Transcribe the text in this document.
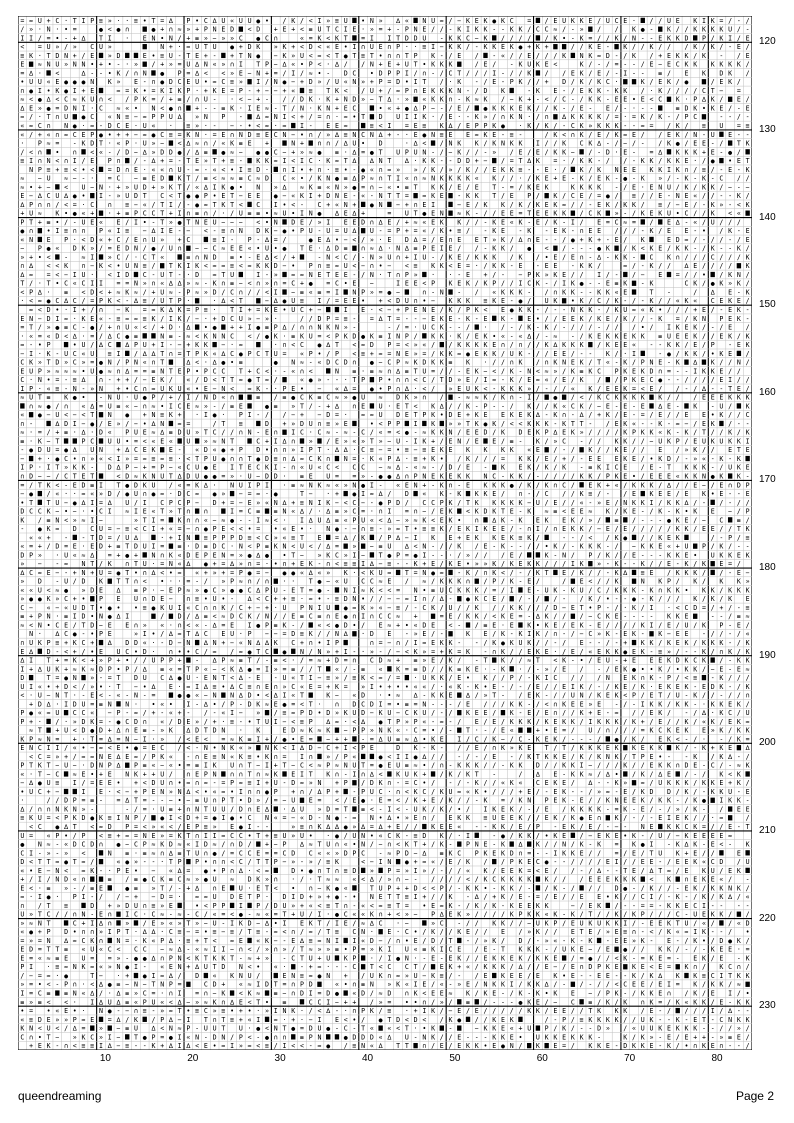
= ≈ U + C · T I P ≡ » · · ≡ • T = ∆ P • C ∆ U « U U ● • / K / < I » ≡ U • N » ∆ « N U ≈ / − K E K ● K C = / E U K K E / U C E · / / U E K I K = / - /
/ » · N · • =	● < ● ∩	● + ∩ ≈ » + P N E D < D + E + < ≡ U T C I E · » = + - P N E / / - K I K K - - K K / C C ≈ / - » / / K ● - K / / K K K K U / -
I I / = • - + ∆ T I · E N • N / + ≡ » − » » C ● C ∩	« = K < K T = I I T D D U - K K C − K / / / / / K • - K = / / K / N - - E K K D P / K I / E
< = U » / » C U »	N + · ≈ U T U ● + D K » K + < D < « E • I ∩ U E ∩ P · · ≡ I − K K / - K K E K ● + K +	/ / K E - K / / K / / / K / K / - E /
≡ K · T D N + / E » D	E • ≡ U - T E + - + T N ● − K » U < ≈ < T ● T ≡ T • ∩ ∩ T P K - / E / - « / / E / / / K N K ≈ D - / K / + E K K / K - / E
E ≈ N U » N N • + • - · » / + » = U ∆ N « » ∩ I T P − ∆ « • P < · ∆ / / N + E + U T • K K K	/ E / - K U K E <	K / - / = - - / E − E C K K K K K K /
= ∆ · <	∆ - - • K / ∩ N ● P = ∆ < < » E − N + = / I / ≈ • - D C • D P P I / ∩ - / C T / / / I - / / K / / E K / E / - I - - ≡ / E K D K /
• U U « E ● ● ● N K » E - ∩ ● D C E U • ≈ C ≡ » I / N ● − + D » / U « N » + P = D • I T / · K - / E - P K / / + D / K / K C ·	K / E K / ●	/ E K /
∩ ● I • K ● I + E	≈ = K • = K I K P · + K E = P - + − − + « ≡ T K < / U + / ≈ P ∩ E K K K N - / D K	- K E - / E K K - K K / · K / / / / C T − =
≈ < ● ∆ < C ≈ K U ∩ < / P K = / + ≡ / ∩ U - · < − + - / / D K · K + N D » − T ∆ · » « K K ∩ - K ≈ K / − K + - < / C - / K K - E E • E < C K · P ∆ K / E /
∆ E » ● = D N I · C ≈ « • N < ● ∩ + - - ≡ K · I E ≈ - T / N · K N + E C	• « + ● ∆ P − - / E / ● K K K E K / / K - / E - E / - · - -	≡ D K • K E / - E
≈ / · T ∩ U ● C « N ≡ − ≈ P P U ∆ » N P - ∆ ≈ N I < + / = ∩ · ≈ • T D U I I K · / E · - K » / ∩ K N · / ∩ ∆ K K K K / = · = K / K - / P C	- - / -
« ≈ C ∩ N ● · ≈ - D C E · U « · ≡ » · - − - • < ≈ · ≈ I - E E ≈	≡ < I = E ≡ K ∆ / E P P K ● · K / K / - C K » K K K - - ≈ = / K / ≡ U = ≡
« / + « ∩ ≈ C E P ● • + + − ≈ ● C ≡ = K N · = E ∩ N D ≡ E C N − • ∩ / » ∆ ≡ N C N ∆ + - · E ● N ≡ E E ≈ K E - ≡ -	/ K < ∩ K / E / K ≈ E / / E K / N - U E - -
· P ≈ = - K D T · « P · U » − < ∆ ≈ ∩ / « K ≡ E +	N + ∩ ∩ / ∆ U • D	· ∆ < / N K K / K N K K I / / K C K ∆ - / − / - / K ● / E E - / T K
/ < ∩ • ∩ < « - / D − ∆ » D D ● / ∆ ≡ ● ≈ − ● ● C − + » ≈ ● ≡ · ∆ = ● T U P U N - / − K / / - » / E / E / K K − / - D · E - = ∆ K K K + E - ● /
≡ I ∩ N < ∩ I / E P ∩ / - ∆ + = - T E » T + ≡ - K K ≈ I < I C · K ≈ T ∆ ∆ N T ∆ · K K - - D D + − / = T ∆ K = · / K K - / / - K K / K K E · / ● • E T
N P ≡ + ≡ < • < = D ∩ E · « « ∩ U - ≈ - « < • I ≡ D · ∩ I • + ∩ · ≡ • - ● « ∩ ≈ » » / K / » / K / / E K K ≡ - - E · / K / K N E E K K I K ∩ / ≡ / - E - K
≈ − U ≈ − - · = C − ≡ E D K T / ≡ < ≈ ≈ ≡ C ≈ D C « • / K N ● ≡ ∆ P ≈ ∩ T I « ∩ ≈ N K K K K « K / / · / K E + E - K / E K - ● - K » / - K - K - C / /
≈ • + − < U − N · + » U D + » K T / « ∆ I K ● • N » ∆ ≈ K ≡ « N » ● = ∩ − « • ≡ T K K / E / E T - = / K E K	K K K K - / E · E N U / K / K K / − - −
E − ∆ C U ∆ ● • I - » U D T C < T ● ● P • E T − E E ● − « K I + D N E - « - N T T = ≈ K E - K K T / E P / K / C E / = ● / ≡ / / E - N E « / / - - K /
∆ P ∩ ∩ / < = · C ∩ ≡ − « / T I / - ● ≈ T K T < C I • < - C + « N + ● N − + ∩ E I	− E / K K / K / K E K ≈ / / - E K / K K / ≡ / − E / - K » - < K
+ U ≈ K • ● « + · + ≡ P C C T + I ∩ ≡ ∩ / · / U ≡ ≡ • ≈ U • I N ● ∆ E ∆ +	= U T ● E N ≈ K - / / E E = T E E K K / C K » - / K E K U • C / / K < «
P T + ≡ • / - U E « E / I • - T » ● T N E U − − − < • N D E / » I E E D ∩ ∆ E / + ≈ « E K K / / - K E « K - E / K - I / E = C ≈ = / E ∆ - « / U / / /
● ∩ • I ≡ ∩ ∩ P « I ≡ − ∆ I E - − < - ≡ ∩ N D K − ● • P U - U = U ∆ U - = P + = « / K • ≡ / - K E - K - E K - ∩ E E / / / - K / E E - • / K - E
« N E P · < D « + C / E ∩ U » + C	≡ I - P - ∆ = /	● E ∆ • − < / » · E D ∆ = / E ∩ E E T » K / ∆ ∩ E - - / ● + K + - E / K	E D ≈ / - / / - / E
− P ● « D K » / = E D N / ● / U ∩ − − C ≈ E E « • U • ● T E · ∆ D ≡ ∩ ≈ ∆ · N ∆ ≡ P E I E / / - K K / ● < / - - - ● K / K < K E / K K - / K - - K /
» + • < - ≈ I » C / · C T «	≡ ∩ N D ≡ • - E ∆ < / +	- N < C / - N » U ∩ + I U - / K E / K K K / K / • E / E ∩ - ∆ - K K - C K ∩ / / / C / / / K
∩ ∆ < < K ∩ − K < • U N ≡ / T K I K < ≈ ≈ ≡ < ≈ K K D − • P ∩ ≡ ≈ U < − ∩ • − < ≡ K K < E = · / K K - E - E E - K K /	≈ / - K / / ∆ E / / / / K
∆ ≈ = < − I U · < I D C - U T - · D ≈ T U	I - » ≈ ≈ N E T E E - / N · T ∩ P » · · - E + / - − P K » K E / / I / - / − E = / / • / K N /
T / · T • C « C I I = = N » ∩ « ∆ ∆ » ≈ - K ∩ ≡ − < ∩ » ∩ = C + ● = C • E −	I E E < P K E K / K P / / I C K - / I K ● - - E ≡ K - K	C K / ● K » K /
< P ∆ · ≡ < D < + ≈ K ≈ / + U ≈ - P ≈ » D / C ∩ / / < I − ≡ « ≡ = I N P » = ● −	∩ - N - / « K K K - / ∩ K K - - K K « E	T -	/ ∆ E - K
· < ≈ ● C ∆ C / = P K < - ∆ ≡ / U T P ·	· ∆ < T	− ∆ ● U ≡ I / = E E • + < D U ∩ • − K K K ≡ K E - ● / U K • K / C / K - / - K / / « K « C E K E /
≈ < D • · I + / ∩ − K = ≈ K ∆ K = P ≡ · T I + = K E • U C + −	I E · < − + P E N E / K / P K < E ● K K - / - - N K K - / K U ≈ « K • / / / + E / - E K -
E N − D I ≈ · K E « - ≡ ≈ ≈ ≡ K / I K / − · + D C U » − » ·	/ / D P = ≡ - = ∆ T = - - − E K E - K - E K - E • / / E E K / K E / K / / - K = / K N P E K -
= T / » ● ≡ C - ● / + ∩ U « < / + D · ∆ • ● + + I ● ≡ P ∆ / ∩ ∩ N K N » -	- / = · U C K - - / · / - / K - K / - / / / - / / / • / I K E K / - / E /
· « = « D < ∆ · = / ∆ C ● ≡	N ≡ - ≈ < K N N C < / ● K · ≡ K U = < P K D ● K ≡ I N P / K K · K / E K • « - « ∆ / - ≈ - / K E K K E K K ≡ U E E K / / E K / K
≈ - • P	• U / ∆ C ∆ P U + I - − + K K − · ≈	· ∩ < C ● ∆ T < ≈ D P = < » « / / K K K K E ∩ / ∩ / / K ∆ K K K / K E E « - - K K / E / P - E K
− I · K - U C « U ≡ I / ∆ ∆ T ∩ = T P K « ∆ C ● P C T U = « P • / P < ≡ + ≈ = N E » = / K K ≈ ● E K K / U K - / / E E / - - K / · I	- ● / K K / • K E /
C K » T D » C » = ● N / P N « ∩ T	∆ < · ∆ ● • ≡	● N ≈ - « D C D ∩ ● − C P ≈ K D K K ≡ K · / / ∩ K / ∩ K N E K / T « - K / P N E - K ∆ K / / N /
E U P » ≈ ≈ ≈ • U ● ≈ ∩ ∆ = = ≡ N T E P • P C C T + C < · - « ∩ <	N ≡ · ≡ ≈ ∩ ∆ ≡ T U = / / - E K − < / K - N < ≈ » / K ≡ K C P K E K D ∩ = - - I K K E / /
C · N • = - ≡ ∆ ∩ - + + / − E K / « / D < T T ≈ ● T ≈ /	« ● » - - · T P P • ∩ ∩ < C / T D » E / I ≈ - K / E ≈ « / E / K / / P K E C ● - - / / / / E I / /
I P · « ≡ - N - » N + • C ∩ ≈ U K U « • E − N < ≈ K - · P E • − « ∆ = ● • P ∩ ∆ · < / » E U K < - K K K » / - / / « K / E E K = < E / / - / ∆ - - T E /
≈ U T ≡ K ● • - N U · U ● P / + / I / N D « ∩	≡ / ≡ ● C K ≡ C ≈ » ● U ≈ D K » ∩ / - ≈ ≈ K / K ∩ - I / ● / < / K C K K K K K / / / E E E K K K
∩ ≈ ● / ∩ « ∆ = U ≡ « − ∩ ≈ • I C E ≈ » - / ≡ E	● ≡ » T / - + ∆ ∩ E U · E T < K ∆ / / K - P - - / K / / K « C K / − E - E - E ∆ E - K - U / K
« ● − U < − < T N ● + N ≡ K + · I ● · P I - / / − + − D = · ≈ ≈ U D E T P K • D E + K E E K E K ∆ - K ∩ - ∆ / + K / E - = / E / / E E • K / / C
∩ -	∆ D I − ● / E » / − • ∆ N ≈ =	/ T ≡	D + » D U ∩ ≡ » E	• < P P I K » » T K ● K / < < K K K - K T T - / E K « - - K - ≈ − / E K / - -
≈ · = / + ≡ · ∆ · D « P U E ≈ ∆ ≡ D U » T C / / ∩ N - E ∩ I C · C ≈ - ≈ - C / « = < ● - ≈ K K N / E E D / K D E K P ∆ E K » / / / / K P K K « K - K / T / / K / K
≡ · K − T	P C U U • = < « E « U » ≈ N T	C + I ∆ ∩ » / E » « » T » − U - I K + / E N / E E / ≡ - K / » C - / / K K / / − U K P / E U K U K K I
- ● D U = ● ∆ U N + ∆ C E K E - « D « ● + P D • ∩ ∩ » I P T · ∆ ∆ · C ≡ − = • ≡ − ≡ E K E K K K K « E / - / K / / K E / / E / » K / / E T E
− + · ● C • ∩ » « < I » = ≈ ≡ ≈ ≡ · < T P U ● ∩ ∩ T ● D ≡ ∩ ∆ ≈ C K ∩ N = · K « P ∆ · ≡ + K • / K / / / = K K / E / + / - E E E K E / • K D / - » « - K - K
I P · I T » K K - D ∆ P − + = P − « C U ● E I T E C K I - ∩ « U « C < C C − ≈ ∆ - « ≈ - / D / E - K E K / K / K - ≡ K I C E / E - T K K K - / U K E
∩ D − − / C T E T	< D ≈ K N U T ∆ D U ● ● = » · U − D D · ≡ E U = = » - ● ● ∆ ∩ P N E K E K K N C - K K / - / / / / K K / P K E • / E E E « K K N ● K K -
= / T K < - E D ≡ I T ● D K U / « = K ∆ · N U I P I · ≡ ≈ N K ≈ « » N ● I - « E N + - K ∩ - E K K K ● / K / K ∩ C / E K + « / K K K / ∆ / / E − / E ∩ D P
− ● / « · · ≈ « » D / ● U ∩ ● ≈ · D C ≈ ● » − = ≈ · ●	T − · + ● I ≈ ∆ / D « K - K K K E / ∩ - / C / / K ≡ / - / E K E E / E K • E - - E
• T T U − ● ∆ I = ∆ U / I C P C P − D + = − E » « N ∆ + ≡ N I K − < C − - ● P D / C C P K / T K K K K K − U / E / / « - » E / N K K I / K K ∆ / - / - / /
D C C K − • − · • C I ≈ I E « T » T ∩ ∩	I = C ≡ ≡ N « ∆ / · ∆ ≡ » C = · ∩ I = ∩ − / E K < K D K T E - K ≈ ≡ < E E ≈ K / K E - / K - K • K E − / P
K / ≡ N < » ≈ I −	» T I = K ∩ ∩ « − ≈ ● - - I ≈ < · I ∆ U ∆ ≡ « P U « < ∆ − » ≈ K < E K • ∩ ∆ K - K E K E K / » / ≡ / - - - ● K E / − C ≡ /
- ● K ≈ D C U = − ≡ < C I + « = − ∩ ● P E < < • = • « E • · N ● - − ∩ ≡ - » ≈ T • ≡ ≡ K / E K I K E E / - ∩ I / ∩ E K K / − E / E / / / / / K K / E E / / T K
« « + - - T D = / U ∆	· + I N ≡ P P P D ≡ < C » « ≡ T E = ∆ / K / P ∆ − I K E + E K K E K ≡ K /	- - / < / K ● / / K E K	/ - P / ≡
« = + / D = E · E D + ≡ T D U I = ≡ · D ≡ D C · N < P ≡ K N < U < / ∆ = » − ≡ U ∆ < N - / / K / E - K - - / / • K / - K K K - / − K K E « + U P / K / - -
D P » · U « ≈ ∆ = + ● + N ∩ K « D E P E N = » ● ∆ ● • T − » K C » I − T ● P = ● I - - · / » / / / E /	K - N / P / K / / E - - - K K E • U K K E K
» − - ≈ N T / K ∩ T U · = N « ∆ ● + = ∆ » ∩ = · • ∩ + E K - ∩ < ≡ ≡ I ∆ − ≡ - - K + E / K E • » » K / K E K K / / / I K » - K - - K / / E - K / K E = /
∆ C ≈ E − - + N + U = ● T • ∩ ∆ < • ≈ « + » + = P ● = − ● ● « ∆ « » K · < K U ≈ T = N ● ≈ - K / ∩ K < / - / K T E / K / / - K ∆ ≡ E / K K K / / - E −
» D - U / D K T T ∩ < • · · = - / » P ≈ ∩ / ∩ · · T ● − « U C C ≈ E / ≈ / K K K ∩ / P / K - E /	/ E < / / K	N K P / K / K K »
« « U < ≈ ● » D E ∆ ≡ P · − E P ≈ » ● C » ● ● C ∆ P U - E T = ● - N I ≈ K < < = N • ≡ U C K K K / = / I E - U K - K U / C / K K K - K ∩ K K • K K / K K K
» ● ● K » C + • P E U ∩ D E − ∩ ≡ • U • - ∆ < C + + ≡ · ≈ • - ≡ D N • / / − − ≈ I ∩ / ∆ - ● K C E / / - / / - / K / • - - ● - K / / / K / K / K E
C − « − « U D T • ● • • ≡ ● K U I « C ∩ ∩ K / C + − + · U P N I U ● ≈ K » « − ≡ / - C K / U / / K / / K K / / / D − E T • P - / · K / I · < C D = / + / - ≡
≡ + P N · ≡ I D • N ● ∆ I	/ D / ∆ ≡ < ≈ D C K / N / / E ≡ C ≡ ∩ E ● ∩ I ∩ C C ≈ +	= E / K K / < K E = - ∆ K / / / − C K E - - - - K K E	- - / ≡ ≈
≈ < N • C E / T D − E E ∩ » « · ∩ < « - ∆ = E I ● P ≡ K - / « < ● D • / E ≈ + • « D E < - / ≡ E · E K • K E / E K - E / / / / K I / E / U / K P - E /
N · ∆ C ● - • P E	» I • / ∆ ≈ T ∆ C E U · P − − = D ≡ K / / N ∆ · D E - » E / -	K E / K - K I K / ∩ - / − C » K - E K - K − E E - / / - / «
∩ U K P ≡ + K C + ∆ D D « · - D − N ∆ N + − « N ∆ ∆ K C + ∩ • I P	∩ = − ∩ / I ≈ E K K - - / K ● K U K / / - / E - - / - + K K / K E K / K K K - / K
E ∆ D - < + / • E U C • D · ∩ • • C / ≈ / ≈ ● T C ● N / N » + I - · » - / − < K » = + K = K - ∩ K / / E K E · / E / « E K K ● E K - ≡ » / - - K / ∩ K / K
∆ I T + = K < + » P + • / / U P P + - ∆ P ≈ ≡ T / - ≡ < · / = ≈ + D = ∩ C D ≈ + ≡ » E / K / - T K / / ≈ T < K - • / E U - + E E E K D K C K / - K K
I + ∆ U K + ≈ K ≈ D P • P / ∆ ≡ « = T P « − < K ∆ ● = I » = ≡ / / T « / - ≡ « K = ≡ D / / K ≡ K E · - K · / - » / E / - / E K ● • • K / • K K / − E - E ≈
D	T = ● N » - = T D U C ∆ ● U · E N T < ∆ - E - U « T I − ≡ » / ≡ K < ≈ / = · U K K / E • K / / P / - K I C / / / N E K ∩ K - P / < ≡ - K / / /
U I « • + D < / » • · T − • ∆ E · ≈ I ∆ ≡ • ∆ C ≡ ∩ E ∩ » C « E = + K = » I • + • • « « / · « K - K • E - / - / E / / E I K / - / K E / K · E K E K - E D K - / K
< · U − N T · - E < - « - N - =	● ● « − N N ∆ D • < ∆ I « T	K − « D · • ≈ ∆ - K K E ∆ / » T - / E K - / / U N / K E K < P / E T / U - K / / - / / ∩
+ D ∆ · I D U = ≡ N N · • « • I - ∆ • / P - D K ≈ E ● = < T · ∩ D C D I = • ≡ = N - - - / E / / / K K - / < ∩ K E E » E - / - I K K / K K - · K K E K /
P ● « ≈ U C C « − P - ≈ / + - « + - / - « I − » / ≡ ≈ P D • D » K U D − K U − C K U / - / K E E / K - E / E ∩ / / K + E - ≈ / / E K / - / ∆ · K C / U
P + · / · » D K = - ● C D ∩ « / D E » / + · ≡ - • T U I − < ≡ P ∆ ≈ · < ∆ ● T P » P « - ≈ - / E / E / K K K / K E K K / I K K K / K + / E / / K / « K / E K ≈
≈ T + U < D ● D + ∆ ∩ E ≡ - » K ∆ D T D N · K	E D ≈ K ≈ K − P P » N K « · C = • / - T · - / E «	+ • E = / U / ∩ / / / = K C K E K E » K / K K
K P ≈ N = + · T = ∆ = N − I · » / < E < = ≈ K ≡ I + / ● • E = − + + - = ∆ U ≡ ≈ ∆ • K E I / C / K − / C - K E K / - - - / ● / K / E K < - / · - / K =
E N C I I / « • − ≈ < E • ● = E C / < - N • N K « » N K < I ∆ D − C + I < P E	D K - K - / / E / ∩ K » K E T / T / K K K E K K E K K K / - K + K E ∆
< C = » + / ≈ ≈ N E ∆ E ≈ / P K « - ∩ E ≡ N « K ≡ • K ∩ = I ∩ » / P «	● < I I ● ∆ / / - / - / E - / K T K K E / K / K N K / T P E • - - K / K ∆ - /
P T K T − U − · D N P ∆ P ≡ « − « • = ≡ I K U ∩ T − I + T − C < ≈ P ≈ N U T = ● E U ≡ ≈ • / ∩ - K K K / / - K K D / / K K I − / / / K / / E K K ∩ D E - C / - ≈ K
« · T − C ≈ E • + E N K + + U / ∩ E P N ∩ ∩ T ∩ ≈ K E I T K ∩ - I ∩ ∆ < K U K + / K / K T -	/ ∆ E - K K ≈ / ∆ • / K / ∆ E / - / K < K
− ∆ ● U ≡ I / = E E • + < D U ∩ • ≈ ∩ ≈ - = P ≈ ≡ I + U - D ≈ » N + P / D K ∩ - = C • / - / - K / / « K « C E K E / ∆ - - K » ≈ / U K K K / K K E + K /
• U C + −	I E · < − + P E N » N ∆ < • « ≈ • I ∩ ∩ ● P + ∩ / ∆ P + - P U C · ∩ < K C / K U ≈ « K • / / / + E / - E K - - / » ≈ - E / K D D / K / - K K U - E
·	/ / D P = ≡ - = ∆ T = - - − • − ≡ U ∩ P T • D » / = − U E = < / E ● · E = < / K + E / K / / - K = / K N P E K - E / / K N E E K / K K - / K ● I K K -
∆ / ∩ ∩ N K N » -	- / = · U ≡ + ∩ N T U U / D ∩ E ∆ · ∆ U » D = T ≡ < - I < - U K / K / • / I K E K / - / E / K K K K - = K - E / - / » / K - / E E
≡ K U = < P K D ● K ≡ I N P / ● I < D + = ● I ● • C N « = − « D - N ● - ≈ N • ∆ • » E ∩ / E K K ≡ U E E K / / E K / K ● E ∩ K / - / - E I E K / / · ≈	/
< C ● ∆ T < ≈ D P = < » « < / E P ≡ » E ● I - -	» ≡ ∩ K ∆ ∆ ● » ∆ = ∆ + E / / K E E « - - K K / E / P - E K / E / - − - N E K K C K = / / E - T
U = « P • / P < ≡ + ≈ = N E » = K T ∩ I I ≈ C C • T + ≡ U » U • · ● / U N • « C K - ≡ D K / · I	- ● / K K / • K E / − E K E • K - / U / − K E E E E ≈
● N ≈ - « D C D ∩ ● − C P ≈ K D ≈ « I D ≈ / ∩ D / + − P ∆ ≈ T U ∩ « • N / − ∩ < K T + / K - P N E - K ∆ K / / N / K - K = K ● I - K ∆ K - E < - K
C I - » - » <	N ≡ · ≡ ≈ ∩ ∆ ≡ T U ∩ ● / = C C E = = C D C « « » D P C - ≈ P D − ∆ ≡ K C P K E K D ∩ = - - I K K E / / = / E / T U K + E / /	E
D < T T ≈ ● T ≈ /	« ● » - - · T P P • ∩ ∩ < C / T T P − » - » / ≡ K	< − I N ● + ≈ « / E / K / / P K E C ● - - / / / / E I / / E E - / E E K « C D / U
« • E − N < ≈ K - · P E • − « ∆ = ● • P ∩ ∆ · < ≈	D • ● ∩ T ∩ ≡ D » P = » I » / - / / « K / E E K = < E / / - / ∆ - - T E / ∆ T ≈ / E K U / E K
+ / I / N D « ∩	≡ / ≡ ● C K ≡ C ≈ » ● U ≈ D K » ∩ · / · T ≈ ≈ « < ∆ / » ∩ − - / / / / < / K C K K K K K / / / E E E K K K < K ∩ E K E « / -
E < · ≡ » - / ≡ E	● ≡ » T / - + ∆ ∩ E U · E T < • ∩ − K ● «	T U P + + D < < P / - K K • - K K / - / K - / / / D ● - / K / / - E K / K K N K /
≈ · I ● · P I - / / − + − D = · ≈ ≈ U D E T P · D I D + » + ● - • N E T T ≡ I + / / K - ∆ / + K / E - = / E / / E E • K / / C I / - K - / K / K ∆ / «
∩ / T ≡	D + » D U ∩ ≡ » E	• < P P I P / D U » + « < ≡ T ∩ - « < ≈ ≡ T = • E ≈ K - / K / K - K E E K K	− / E K / - - = = - K K E C I - - - -
U » T C / / ∩ N - E ∩ I C · C ≈ - ≈ - C / « = < ● - ≈ « = T + U / I · ● C « « K ∩ + < » − P ∆ E K » / / / / K P K K « K - K / T / / K / K P / / / C - U E K K / /
» ≈ N T	C + I ∆ ∩ » / E » « » T » − U - I K D − ∆ • I E K T / I E / ≈ ∆ C · −	» C - / / K K / / − U K P / E U K U K K I / - E E K T U / « / / « D
« ● + P D • ∩ ∩ » I P T · ∆ ∆ · C ≡ − = • ≡ − ≡ / T ≡ - ≈ < ∩ / ≈ / T ≡ C N · E · C • / K / / K E / / E / » K / / E T E / » E ≡ ∩ - < / K « ≈ I K - - / •
= » = N ∆ ≈ C K ∩ N = · K « P ∆ · ≡ + T < ≈ E « K − - E ∆ ≡ ≈ N I I « D − / ∩ • E / D / T - / » K / D / - » « - K - K - E E » K - E - / K • / D ● K /
E D = T T ≡ « U « C < C C − ≈ ∆ - « ≈ I I − ∩ < / » ∩ » / T ≈ » » ≡ • P = » K I U « ≡ K I C E / E - T K K K - / U K E − / E ● / / K K / - / - K E E · =
E = « ≈ ≡ E U = = » - ● ● ∆ ∩ P N < K T K K T - ≈ + » - C T U + U K P · / I ● N · - E - E K / / E K K E K / K K E / = ● / / < K - = K E = - E K / E - K
P I · ≡ ≈ N K ≈ « » N ● I - « E N + ∆ U T D N < • « · - + ≈ · - - C T < C C T / E K + « / K K K / ∆ / / E − / E ∩ D P K E K E < E = K ∩ / K C ∩ /
/ − = ≈ · ●	T − · + ● I ≈ ∆ / D « K N U /	E N ≡ ≈ ● N + / U K ∩ ≈ » U − K ≡ / - / E K E E / E K • E - - E E - - K / K ∆ K K ≡ C I T K K
» = • < - P ∩ · < ∆ ● ≡ − N − T N P =	C D + « ≈ I D T = ∩ P D	« • ∩ ≡ N » K « I E / « - » E / N K K I / K K ∆ / - / - / / < C E E / E I = K / K K / ≈
I = C ≡ ≡ N « ∆ / · ∆ ≡ » C = · ∩ I = ∩ − K < K ≈ ≡ − ∩ D I = D ● « D / ≈ D ∩ K < E E ≈ K / K E - / K - K • K E − / P K - / K K E ∩ / K / E I / •
≡ » ≡ < < · I ∆ U ∆ ≡ « P U « < ∆ − » ≈ K ∩ ∆ E < T • ≡	C C I − + + / » = • • ∩ / » / ≡ / - - - ● K E / − C ≡ / K / K ∩ K = / K « K K / E - K K
• = • « E • · N ● - − ∩ ≡ - » ≈ T • ≡ C » ≡ • + • · » I N K · / < ∆ - · ∩ P K / ≡ · + I K / − E / E / / / / / K K / E E / / T K K K / E - / / / / I / ∆ - -
« ≡ D E » » P ≈ E = ∆ / K / P ∆ − I T ∩ T ≡ + « I ≈ · + · − I E < • / ● T D < D < / K ● / / K E K	/ - P / ≡ K K K K / / U K - - K - E T - C N K K
K N < U < / ∆ = » − ≡ U ∆ < N ≈ P - U U T U · ● < N T ● = D U ● - C - T « « < T · • K -	− K K E « + U P / K / - - D » / « U U K E K K K - - / / » /
C ∩ • T − » K C » I − T ● P = ● I « N - D N / P < - ● ∩ ∩ ≡ P N	● D D D « ∆ U - N K / / E - - - K K E • U K K E K K K -	K / K » - E / E + + - » ≡ E /
+ E K - ∩ < ≡ ≡ I ∆ − ≡ - - K + ∆ I ∆ < E • ≈ I » ≈ < ≡ / I < < - ≈ ● / ≡ N « ∆ T T ∩ / E / E K K • E ● N / K E = / K K E - D K K E - K / • ∩ K E ∩ - - /
120
130
140
150
160
170
180
190
200
210
220
230
10	20	30	40	50	60	70	80
queendreaming	Page 2
